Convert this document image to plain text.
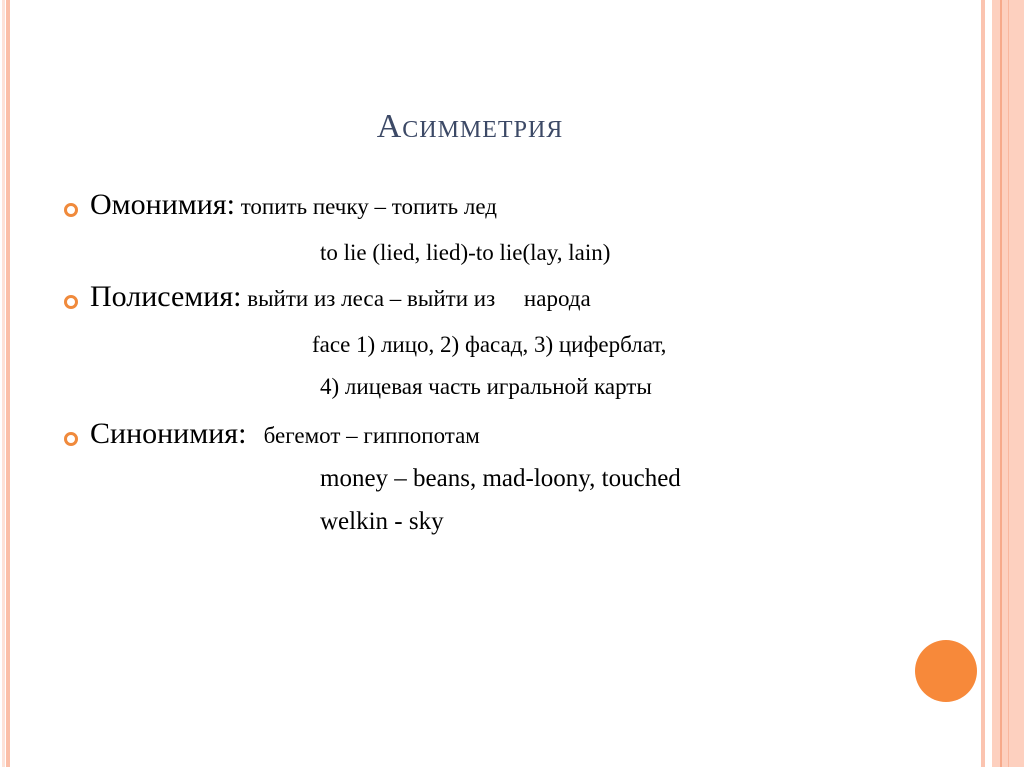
Асимметрия
Омонимия: топить печку – топить лед
to lie (lied, lied)-to lie(lay, lain)
Полисемия: выйти из леса – выйти из     народа
face 1) лицо, 2) фасад, 3) циферблат,
4) лицевая часть игральной карты
Синонимия: бегемот – гиппопотам
money – beans, mad-loony, touched
welkin - sky
